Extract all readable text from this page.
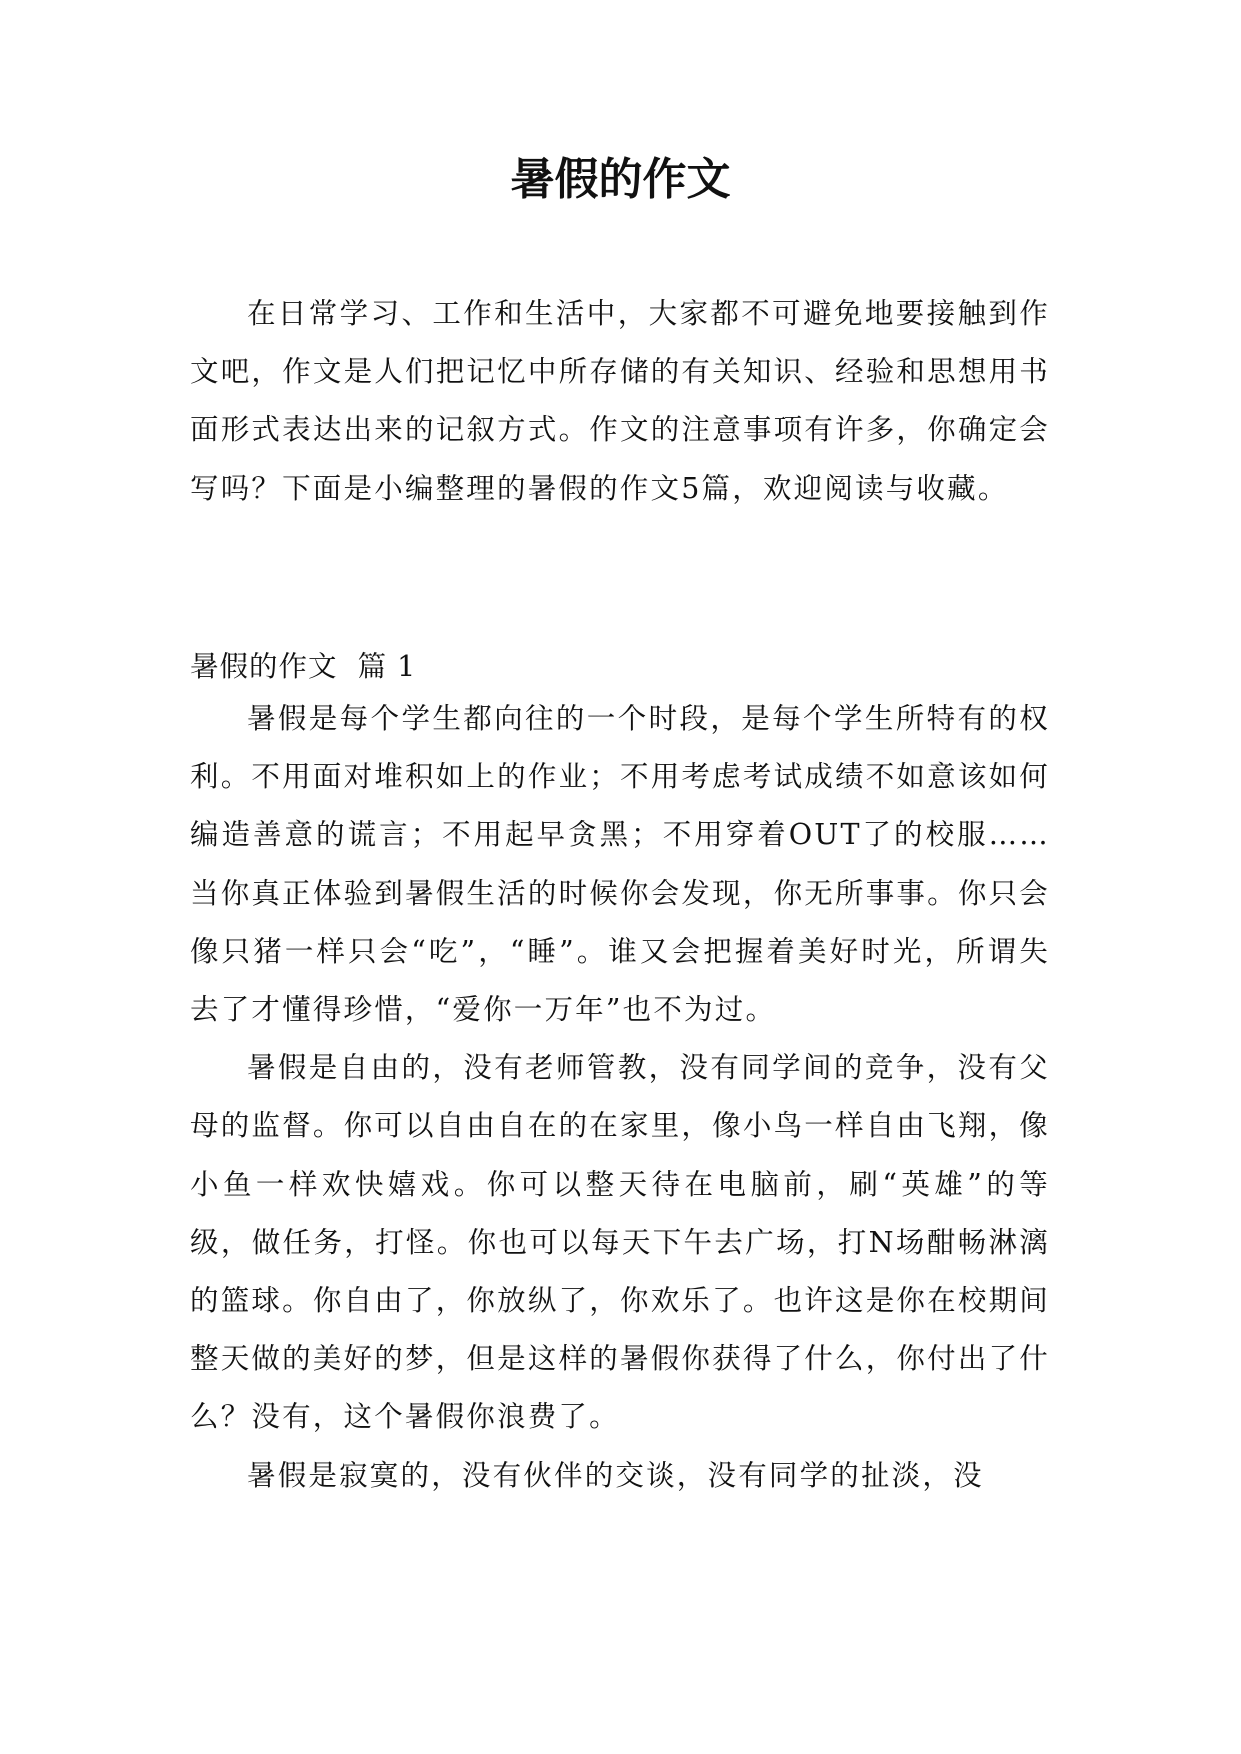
暑假的作文

在日常学习、工作和生活中，大家都不可避免地要接触到作文吧，作文是人们把记忆中所存储的有关知识、经验和思想用书面形式表达出来的记叙方式。作文的注意事项有许多，你确定会写吗？下面是小编整理的暑假的作文5篇，欢迎阅读与收藏。

暑假的作文  篇 1

暑假是每个学生都向往的一个时段，是每个学生所特有的权利。不用面对堆积如上的作业；不用考虑考试成绩不如意该如何编造善意的谎言；不用起早贪黑；不用穿着OUT了的校服……当你真正体验到暑假生活的时候你会发现，你无所事事。你只会像只猪一样只会“吃”，“睡”。谁又会把握着美好时光，所谓失去了才懂得珍惜，“爱你一万年”也不为过。

暑假是自由的，没有老师管教，没有同学间的竞争，没有父母的监督。你可以自由自在的在家里，像小鸟一样自由飞翔，像小鱼一样欢快嬉戏。你可以整天待在电脑前，刷“英雄”的等级，做任务，打怪。你也可以每天下午去广场，打N场酣畅淋漓的篮球。你自由了，你放纵了，你欢乐了。也许这是你在校期间整天做的美好的梦，但是这样的暑假你获得了什么，你付出了什么？没有，这个暑假你浪费了。

暑假是寂寞的，没有伙伴的交谈，没有同学的扯淡，没
